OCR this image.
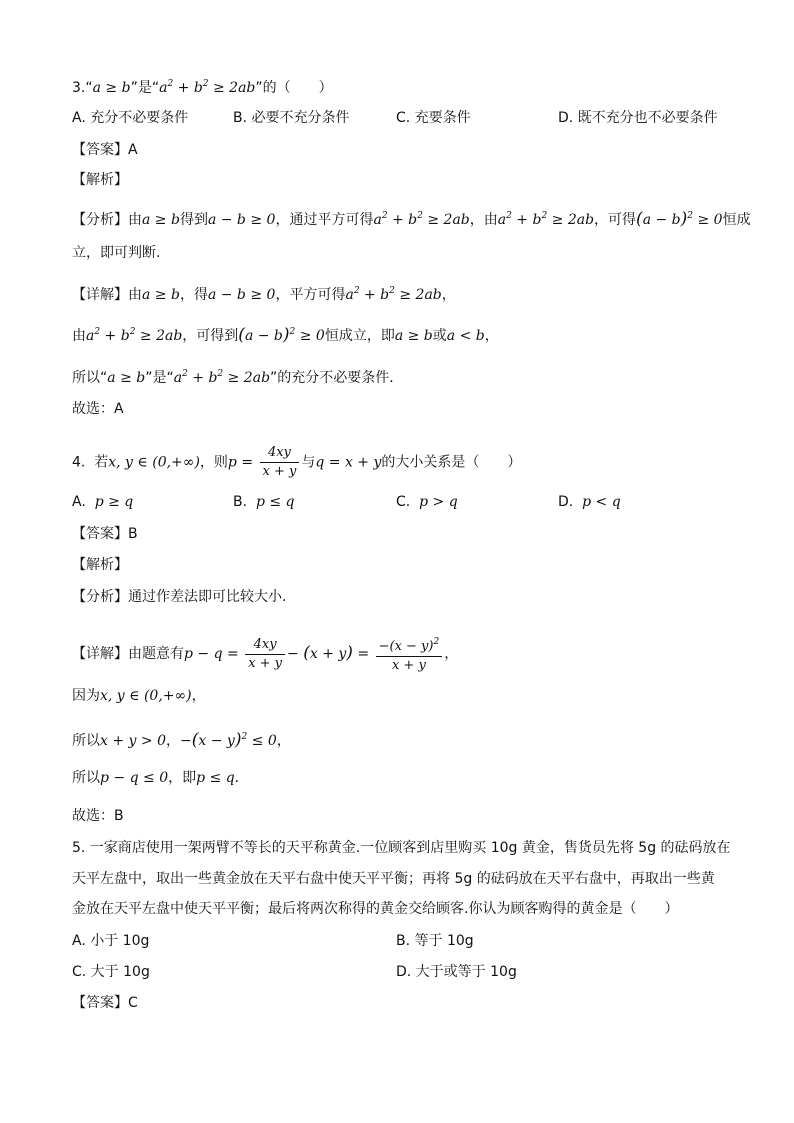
3.“a ≥ b”是“$a^2 + b^2 \ge 2ab$”的（　　）
A. 充分不必要条件	B. 必要不充分条件	C. 充要条件	D. 既不充分也不必要条件
【答案】A
【解析】
【分析】由a ≥ b得到a − b ≥ 0，通过平方可得$a^2 + b^2 \ge 2ab$，由$a^2 + b^2 \ge 2ab$，可得$(a - b)^2 \ge 0$恒成
立，即可判断.
【详解】由a ≥ b，得a − b ≥ 0，平方可得$a^2 + b^2 \ge 2ab$，
由$a^2 + b^2 \ge 2ab$，可得到$(a - b)^2 \ge 0$恒成立，即a ≥ b或a < b，
所以“a ≥ b”是“$a^2 + b^2 \ge 2ab$”的充分不必要条件．
故选：A
4. 若x, y ∈ (0,+∞)，则$p = \frac{4xy}{x + y}$ 与q = x + y的大小关系是（　　）
A. p ≥ q	B. p ≤ q	C. p > q	D. p < q
【答案】B
【解析】
【分析】通过作差法即可比较大小.
【详解】由题意有$p - q = \frac{4xy}{x + y} - (x + y) = \frac{-(x - y)^2}{x + y}$ ，
因为x, y ∈ (0,+∞)，
所以x + y > 0，$-(x - y)^2 \le 0$，
所以p − q ≤ 0，即p ≤ q．
故选：B
5. 一家商店使用一架两臂不等长的天平称黄金.一位顾客到店里购买 10g 黄金，售货员先将 5g 的砝码放在
天平左盘中，取出一些黄金放在天平右盘中使天平平衡；再将 5g 的砝码放在天平右盘中，再取出一些黄
金放在天平左盘中使天平平衡；最后将两次称得的黄金交给顾客.你认为顾客购得的黄金是（　　）
A. 小于 10g	B. 等于 10g
C. 大于 10g	D. 大于或等于 10g
【答案】C
